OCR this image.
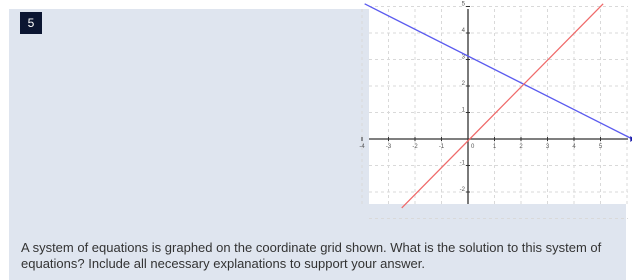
5
-4	-3	-2	-1	0	1	2	3	4	5
-2
-1
1
2
3
4
5

A system of equations is graphed on the coordinate grid shown. What is the solution to this system of equations? Include all necessary explanations to support your answer.
